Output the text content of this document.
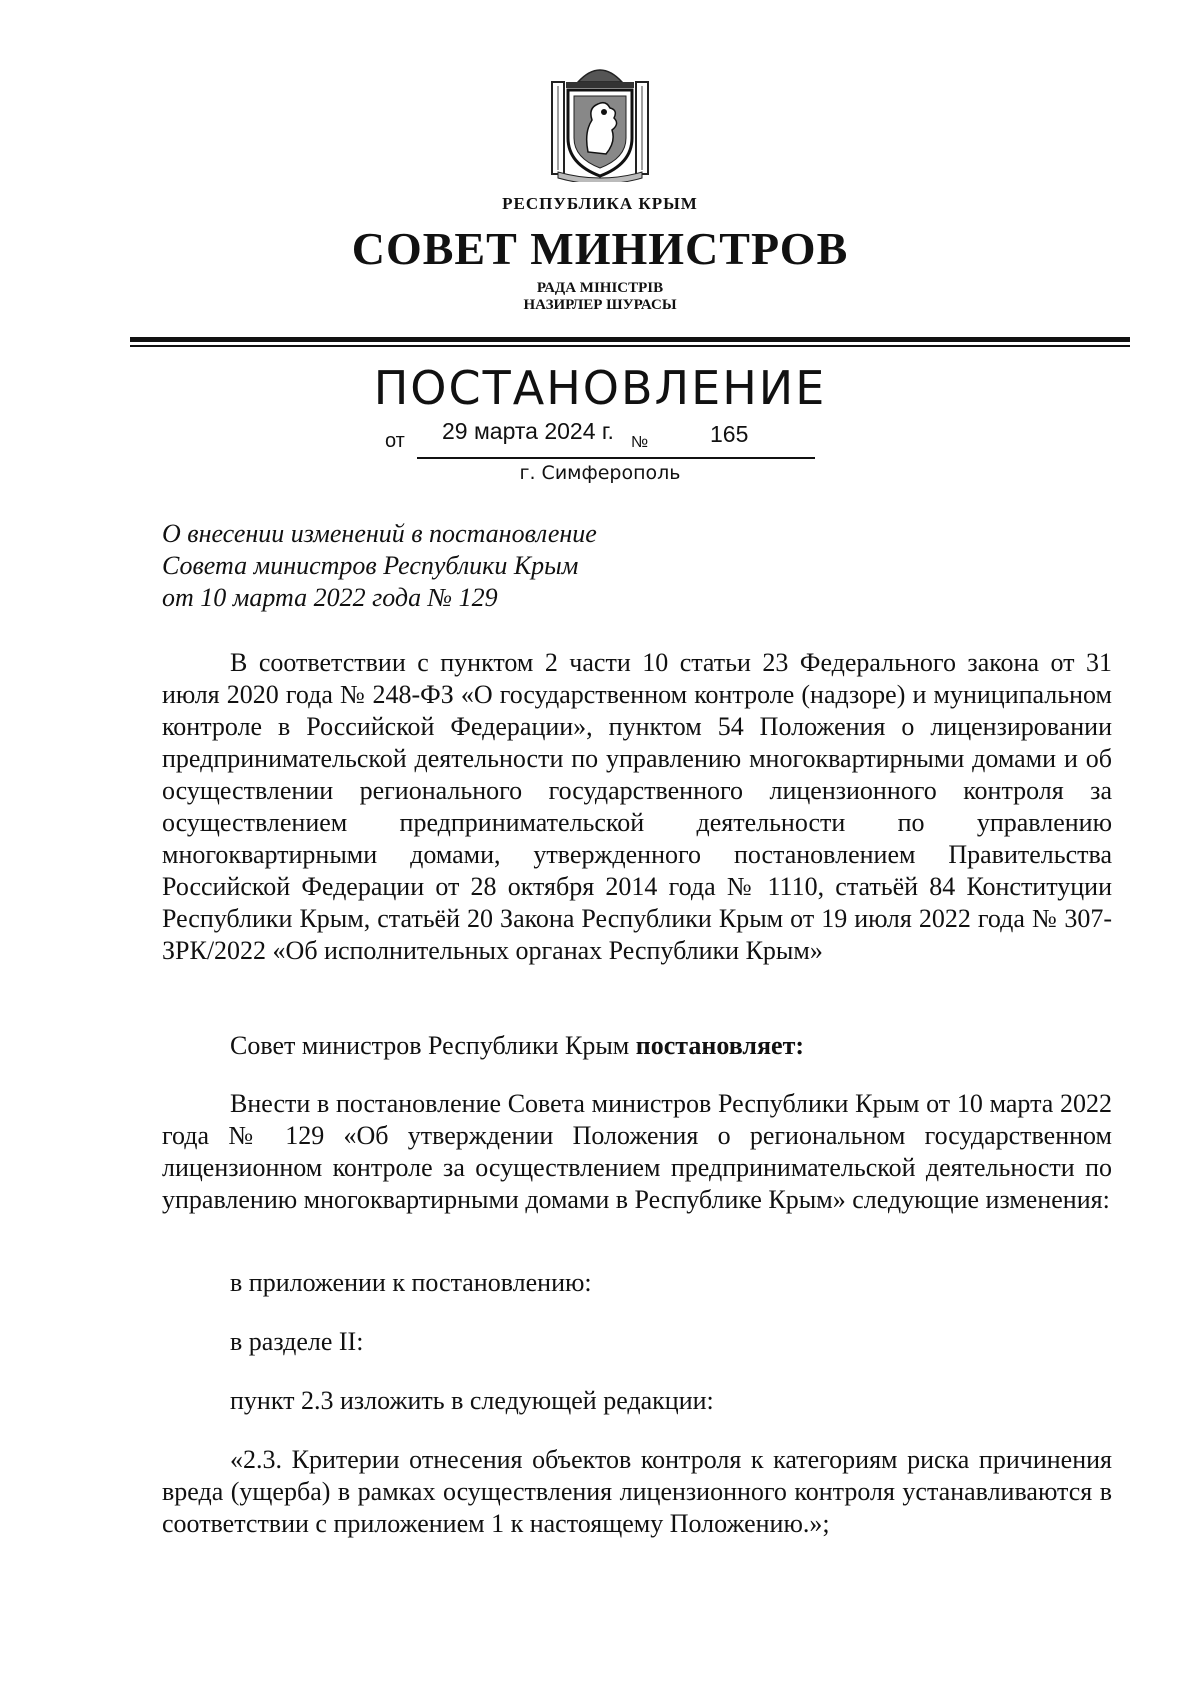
РЕСПУБЛИКА КРЫМ
СОВЕТ МИНИСТРОВ
РАДА МІНІСТРІВ
НАЗИРЛЕР ШУРАСЫ
ПОСТАНОВЛЕНИЕ
от 29 марта 2024 г. №	165
г. Симферополь
О внесении изменений в постановление
Совета министров Республики Крым
от 10 марта 2022 года № 129

В соответствии с пунктом 2 части 10 статьи 23 Федерального закона от 31 июля 2020 года № 248-ФЗ «О государственном контроле (надзоре) и муниципальном контроле в Российской Федерации», пунктом 54 Положения о лицензировании предпринимательской деятельности по управлению многоквартирными домами и об осуществлении регионального государственного лицензионного контроля за осуществлением предпринимательской деятельности по управлению многоквартирными домами, утвержденного постановлением Правительства Российской Федерации от 28 октября 2014 года № 1110, статьёй 84 Конституции Республики Крым, статьёй 20 Закона Республики Крым от 19 июля 2022 года № 307-ЗРК/2022 «Об исполнительных органах Республики Крым»

Совет министров Республики Крым постановляет:

Внести в постановление Совета министров Республики Крым от 10 марта 2022 года № 129 «Об утверждении Положения о региональном государственном лицензионном контроле за осуществлением предпринимательской деятельности по управлению многоквартирными домами в Республике Крым» следующие изменения:

в приложении к постановлению:
в разделе II:
пункт 2.3 изложить в следующей редакции:

«2.3. Критерии отнесения объектов контроля к категориям риска причинения вреда (ущерба) в рамках осуществления лицензионного контроля устанавливаются в соответствии с приложением 1 к настоящему Положению.»;
